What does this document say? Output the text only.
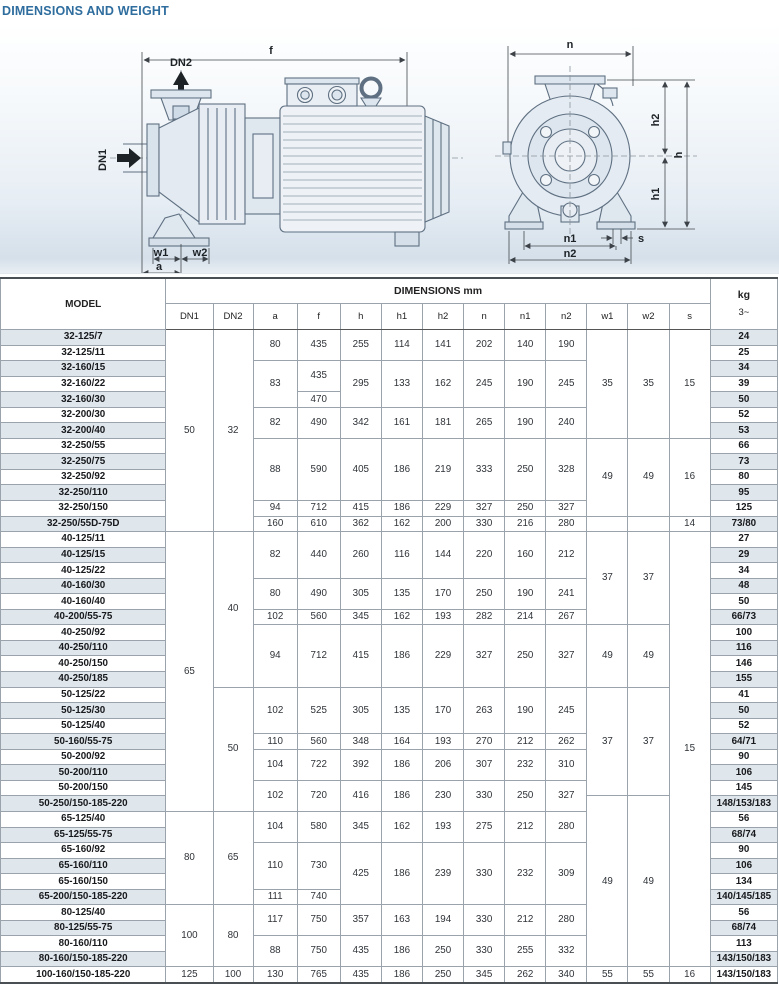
DIMENSIONS AND WEIGHT
f
DN2
DN1
w1 w2
a
n
h2
h
h1
s
n1
n2
MODEL	DIMENSIONS mm													kg
3~

	DN1	DN2	a	f	h	h1	h2	n	n1	n2	w1	w2	s	
32-125/7	50	32	80	435	255	114	141	202	140	190	35	35	15	24
32-125/11														25
32-160/15			83	435	295	133	162	245	190	245				34
32-160/22														39
32-160/30				470										50
32-200/30			82	490	342	161	181	265	190	240				52
32-200/40														53
32-250/55			88	590	405	186	219	333	250	328	49	49	16	66
32-250/75														73
32-250/92														80
32-250/110														95
32-250/150			94	712	415	186	229	327	250	327				125
32-250/55D-75D			160	610	362	162	200	330	216	280			14	73/80
40-125/11	65	40	82	440	260	116	144	220	160	212	37	37	15	27
40-125/15														29
40-125/22														34
40-160/30			80	490	305	135	170	250	190	241				48
40-160/40														50
40-200/55-75			102	560	345	162	193	282	214	267				66/73
40-250/92			94	712	415	186	229	327	250	327	49	49		100
40-250/110														116
40-250/150														146
40-250/185														155
50-125/22		50	102	525	305	135	170	263	190	245	37	37		41
50-125/30														50
50-125/40														52
50-160/55-75			110	560	348	164	193	270	212	262				64/71
50-200/92			104	722	392	186	206	307	232	310				90
50-200/110														106
50-200/150			102	720	416	186	230	330	250	327				145
50-250/150-185-220											49	49		148/153/183
65-125/40	80	65	104	580	345	162	193	275	212	280				56
65-125/55-75														68/74
65-160/92			110	730	425	186	239	330	232	309				90
65-160/110														106
65-160/150														134
65-200/150-185-220			111	740										140/145/185
80-125/40	100	80	117	750	357	163	194	330	212	280				56
80-125/55-75														68/74
80-160/110			88	750	435	186	250	330	255	332				113
80-160/150-185-220														143/150/183
100-160/150-185-220	125	100	130	765	435	186	250	345	262	340	55	55	16	143/150/183
